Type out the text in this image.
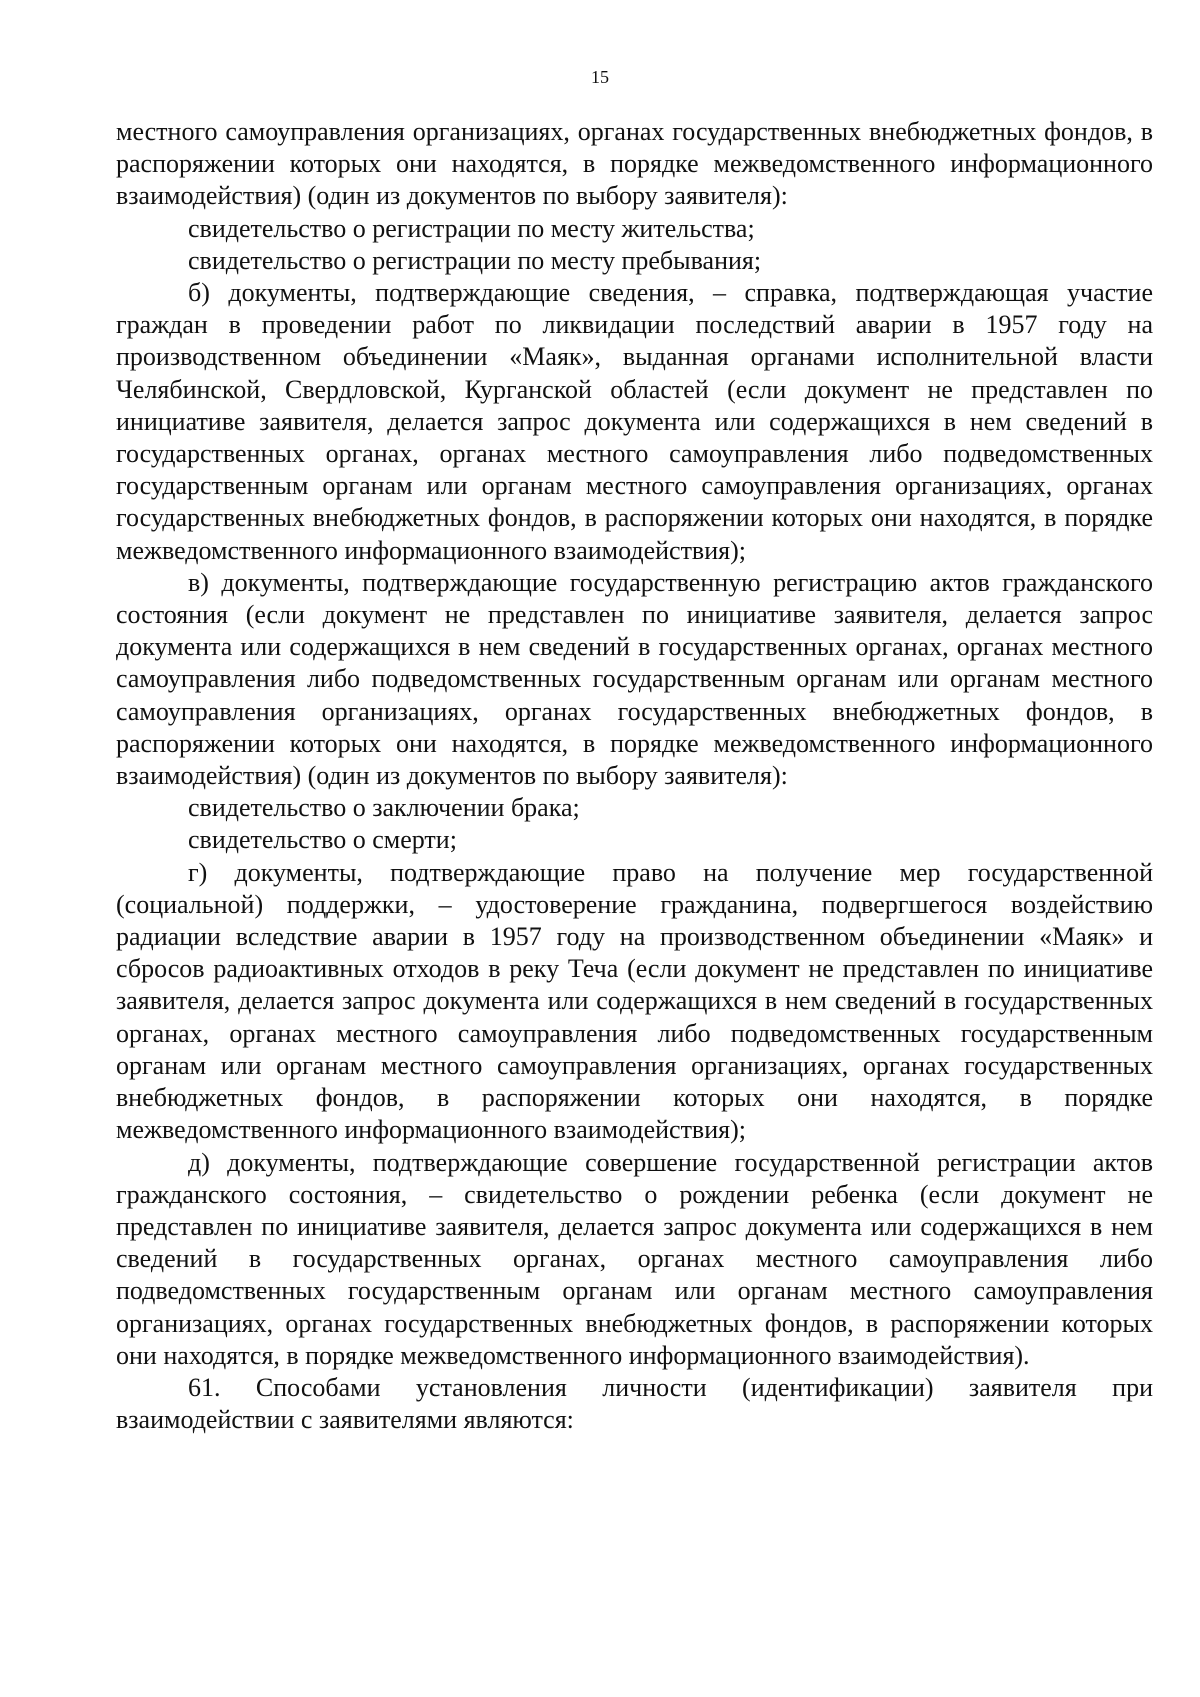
15

местного самоуправления организациях, органах государственных внебюджетных фондов, в распоряжении которых они находятся, в порядке межведомственного информационного взаимодействия) (один из документов по выбору заявителя):

свидетельство о регистрации по месту жительства;

свидетельство о регистрации по месту пребывания;

б) документы, подтверждающие сведения, – справка, подтверждающая участие граждан в проведении работ по ликвидации последствий аварии в 1957 году на производственном объединении «Маяк», выданная органами исполнительной власти Челябинской, Свердловской, Курганской областей (если документ не представлен по инициативе заявителя, делается запрос документа или содержащихся в нем сведений в государственных органах, органах местного самоуправления либо подведомственных государственным органам или органам местного самоуправления организациях, органах государственных внебюджетных фондов, в распоряжении которых они находятся, в порядке межведомственного информационного взаимодействия);

в) документы, подтверждающие государственную регистрацию актов гражданского состояния (если документ не представлен по инициативе заявителя, делается запрос документа или содержащихся в нем сведений в государственных органах, органах местного самоуправления либо подведомственных государственным органам или органам местного самоуправления организациях, органах государственных внебюджетных фондов, в распоряжении которых они находятся, в порядке межведомственного информационного взаимодействия) (один из документов по выбору заявителя):

свидетельство о заключении брака;

свидетельство о смерти;

г) документы, подтверждающие право на получение мер государственной (социальной) поддержки, – удостоверение гражданина, подвергшегося воздействию радиации вследствие аварии в 1957 году на производственном объединении «Маяк» и сбросов радиоактивных отходов в реку Теча (если документ не представлен по инициативе заявителя, делается запрос документа или содержащихся в нем сведений в государственных органах, органах местного самоуправления либо подведомственных государственным органам или органам местного самоуправления организациях, органах государственных внебюджетных фондов, в распоряжении которых они находятся, в порядке межведомственного информационного взаимодействия);

д) документы, подтверждающие совершение государственной регистрации актов гражданского состояния, – свидетельство о рождении ребенка (если документ не представлен по инициативе заявителя, делается запрос документа или содержащихся в нем сведений в государственных органах, органах местного самоуправления либо подведомственных государственным органам или органам местного самоуправления организациях, органах государственных внебюджетных фондов, в распоряжении которых они находятся, в порядке межведомственного информационного взаимодействия).

61. Способами установления личности (идентификации) заявителя при взаимодействии с заявителями являются:
